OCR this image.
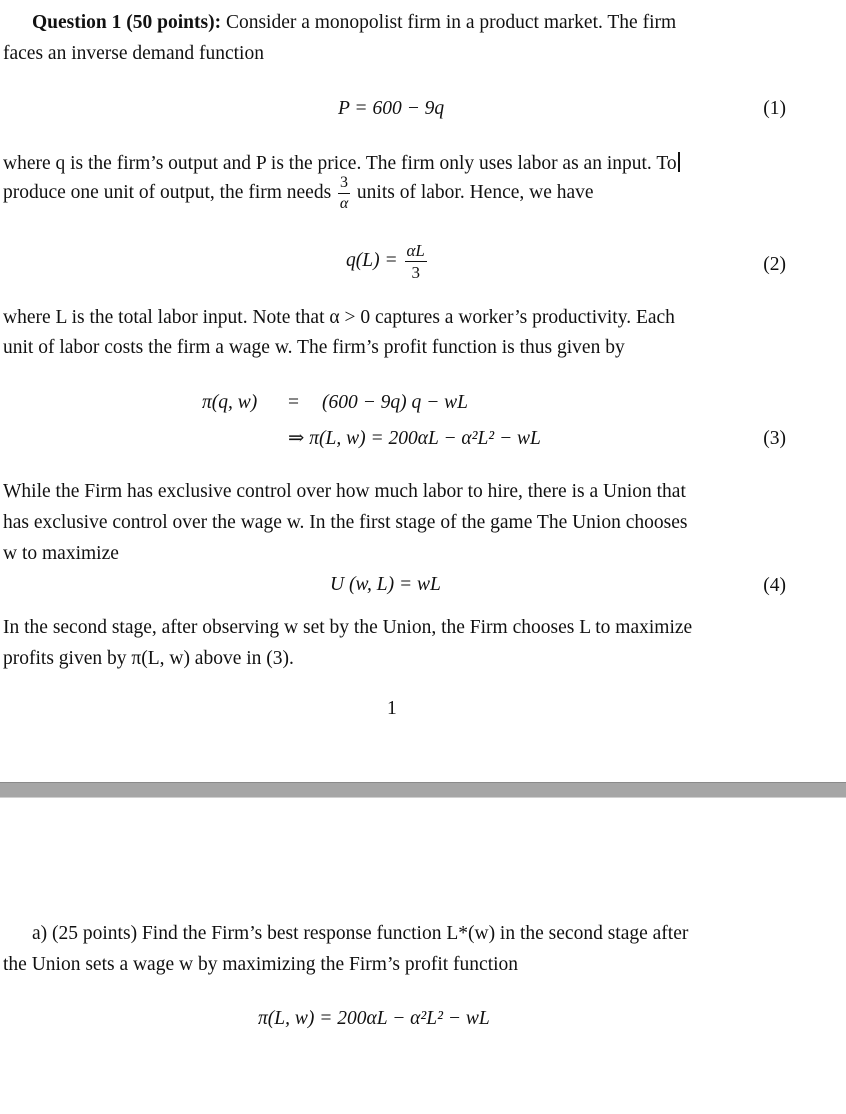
Question 1 (50 points): Consider a monopolist firm in a product market. The firm
faces an inverse demand function
P = 600 − 9q	(1)
where q is the firm’s output and P is the price. The firm only uses labor as an input. To
produce one unit of output, the firm needs $\frac{3}{\alpha}$ units of labor. Hence, we have
$q(L) = \frac{\alpha L}{3}$	(2)
where L is the total labor input. Note that α > 0 captures a worker’s productivity. Each
unit of labor costs the firm a wage w. The firm’s profit function is thus given by
π(q, w) = (600 − 9q) q − wL
⇒ π(L, w) = 200αL − α²L² − wL	(3)
While the Firm has exclusive control over how much labor to hire, there is a Union that
has exclusive control over the wage w. In the first stage of the game The Union chooses
w to maximize
U (w, L) = wL	(4)
In the second stage, after observing w set by the Union, the Firm chooses L to maximize
profits given by π(L, w) above in (3).
1
a) (25 points) Find the Firm’s best response function L*(w) in the second stage after
the Union sets a wage w by maximizing the Firm’s profit function
π(L, w) = 200αL − α²L² − wL
